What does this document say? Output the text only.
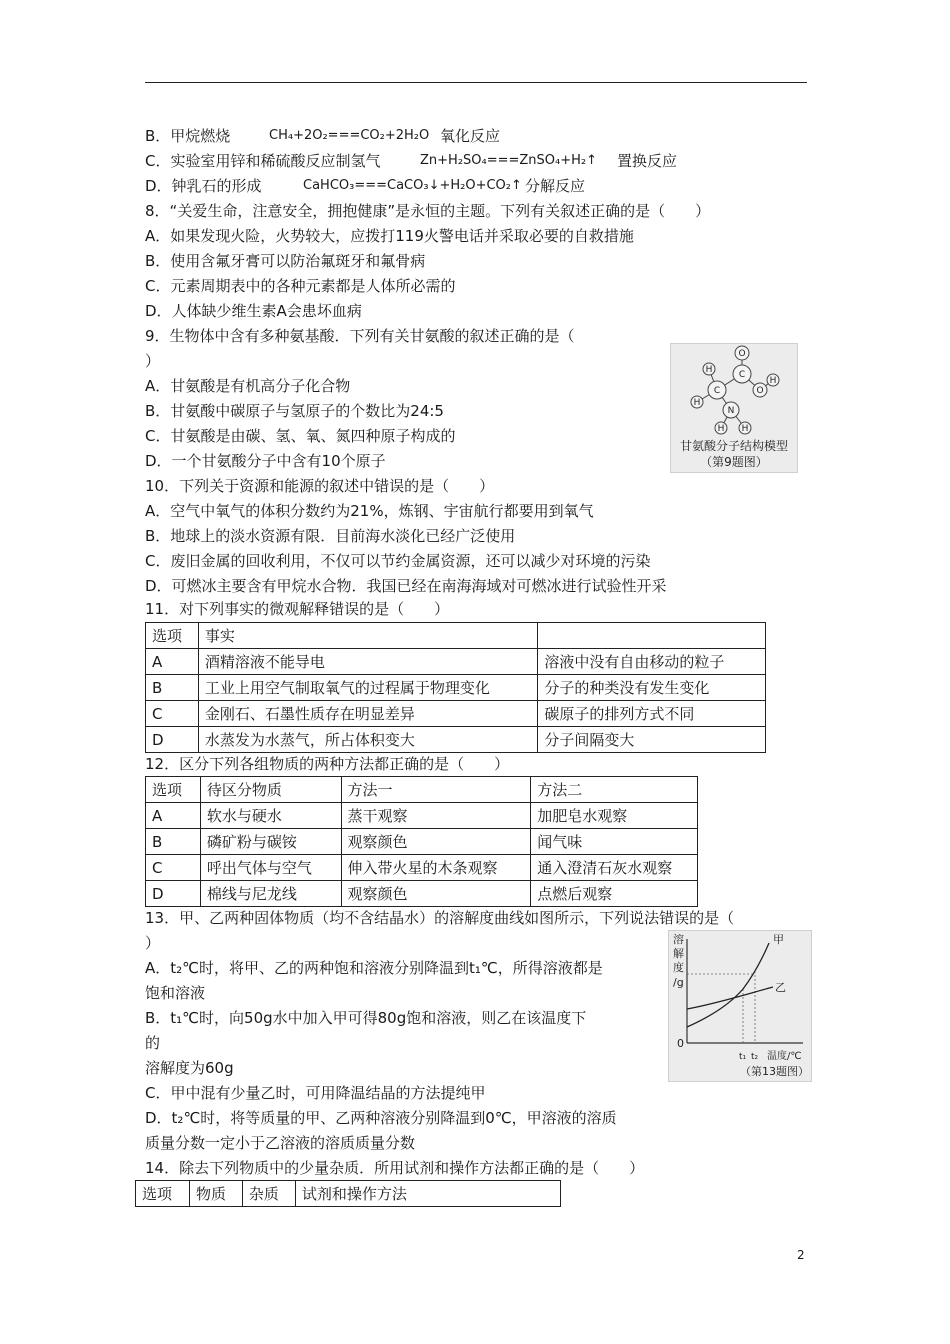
B．甲烷燃烧	CH₄+2O₂===CO₂+2H₂O 氧化反应
C．实验室用锌和稀硫酸反应制氢气	Zn+H₂SO₄===ZnSO₄+H₂↑ 置换反应
D．钟乳石的形成	CaHCO₃===CaCO₃↓+H₂O+CO₂↑ 分解反应
8．“关爱生命，注意安全，拥抱健康”是永恒的主题。下列有关叙述正确的是（　　）
A．如果发现火险，火势较大，应拨打119火警电话并采取必要的自救措施
B．使用含氟牙膏可以防治氟斑牙和氟骨病
C．元素周期表中的各种元素都是人体所必需的
D．人体缺少维生素A会患坏血病
9．生物体中含有多种氨基酸．下列有关甘氨酸的叙述正确的是（
）
A．甘氨酸是有机高分子化合物
B．甘氨酸中碳原子与氢原子的个数比为24:5
C．甘氨酸是由碳、氢、氧、氮四种原子构成的
D．一个甘氨酸分子中含有10个原子
O
C
C	O
H
H
H
N
H H
甘氨酸分子结构模型
（第9题图）
10．下列关于资源和能源的叙述中错误的是（　　）
A．空气中氧气的体积分数约为21%，炼钢、宇宙航行都要用到氧气
B．地球上的淡水资源有限．目前海水淡化已经广泛使用
C．废旧金属的回收利用，不仅可以节约金属资源，还可以减少对环境的污染
D．可燃冰主要含有甲烷水合物．我国已经在南海海域对可燃冰进行试验性开采
11．对下列事实的微观解释错误的是（　　）
选项	事实	
A	酒精溶液不能导电	溶液中没有自由移动的粒子
B	工业上用空气制取氧气的过程属于物理变化	分子的种类没有发生变化
C	金刚石、石墨性质存在明显差异	碳原子的排列方式不同
D	水蒸发为水蒸气，所占体积变大	分子间隔变大
12．区分下列各组物质的两种方法都正确的是（　　）
选项	待区分物质	方法一	方法二
A	软水与硬水	蒸干观察	加肥皂水观察
B	磷矿粉与碳铵	观察颜色	闻气味
C	呼出气体与空气	伸入带火星的木条观察	通入澄清石灰水观察
D	棉线与尼龙线	观察颜色	点燃后观察
13．甲、乙两种固体物质（均不含结晶水）的溶解度曲线如图所示，下列说法错误的是（
）
A．t₂℃时，将甲、乙的两种饱和溶液分别降温到t₁℃，所得溶液都是
饱和溶液
B．t₁℃时，向50g水中加入甲可得80g饱和溶液，则乙在该温度下
的
溶解度为60g
C．甲中混有少量乙时，可用降温结晶的方法提纯甲
D．t₂℃时，将等质量的甲、乙两种溶液分别降温到0℃，甲溶液的溶质
质量分数一定小于乙溶液的溶质质量分数
溶
解
度
/g
0
t₁ t₂ 温度/℃
甲
乙
（第13题图）
14．除去下列物质中的少量杂质．所用试剂和操作方法都正确的是（　　）
选项	物质	杂质	试剂和操作方法
2
